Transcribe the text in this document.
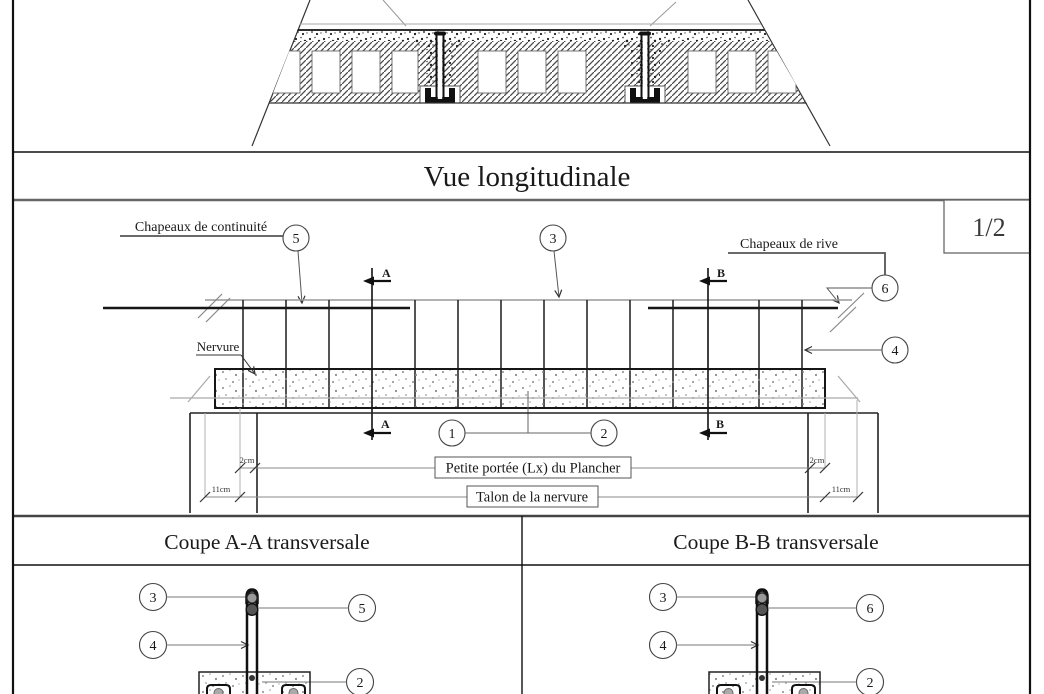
Vue longitudinale
1/2
Chapeaux de continuité
5	3	Chapeaux de rive
6
4
Nervure
A
A
B
B
1	2
2cm	2cm
Petite portée (Lx) du Plancher
11cm	11cm
Talon de la nervure
Coupe A-A transversale	Coupe B-B transversale
3
5
4
2
3
6
4
2
